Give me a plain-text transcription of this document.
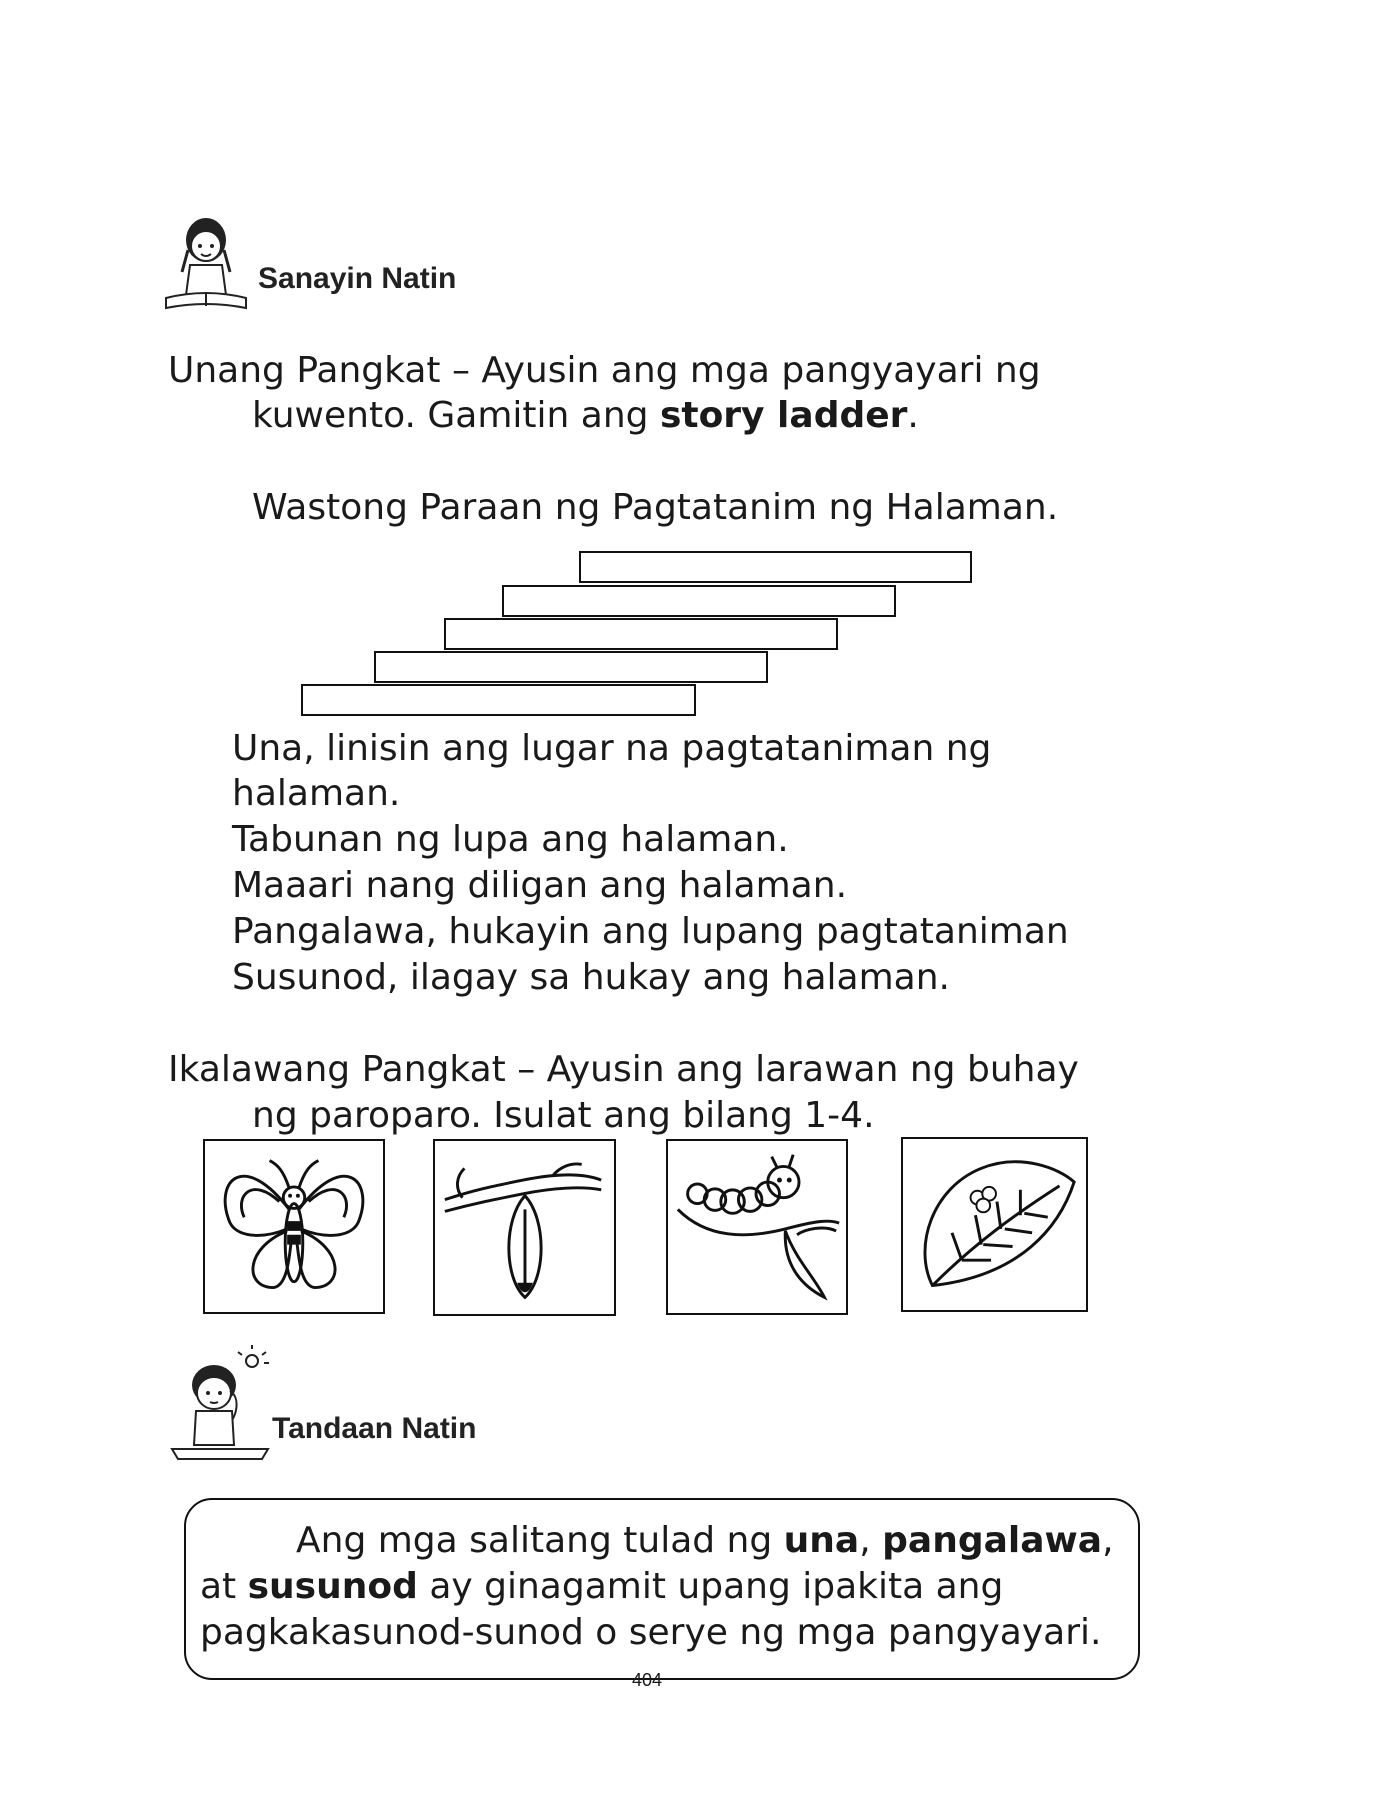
Sanayin Natin
Unang Pangkat – Ayusin ang mga pangyayari ng
kuwento. Gamitin ang story ladder.
Wastong Paraan ng Pagtatanim ng Halaman.
Una, linisin ang lugar na pagtataniman ng
halaman.
Tabunan ng lupa ang halaman.
Maaari nang diligan ang halaman.
Pangalawa, hukayin ang lupang pagtataniman
Susunod, ilagay sa hukay ang halaman.
Ikalawang Pangkat – Ayusin ang larawan ng buhay
ng paroparo. Isulat ang bilang 1-4.
Tandaan Natin
Ang mga salitang tulad ng una, pangalawa,
at susunod ay ginagamit upang ipakita ang
pagkakasunod-sunod o serye ng mga pangyayari.
404
